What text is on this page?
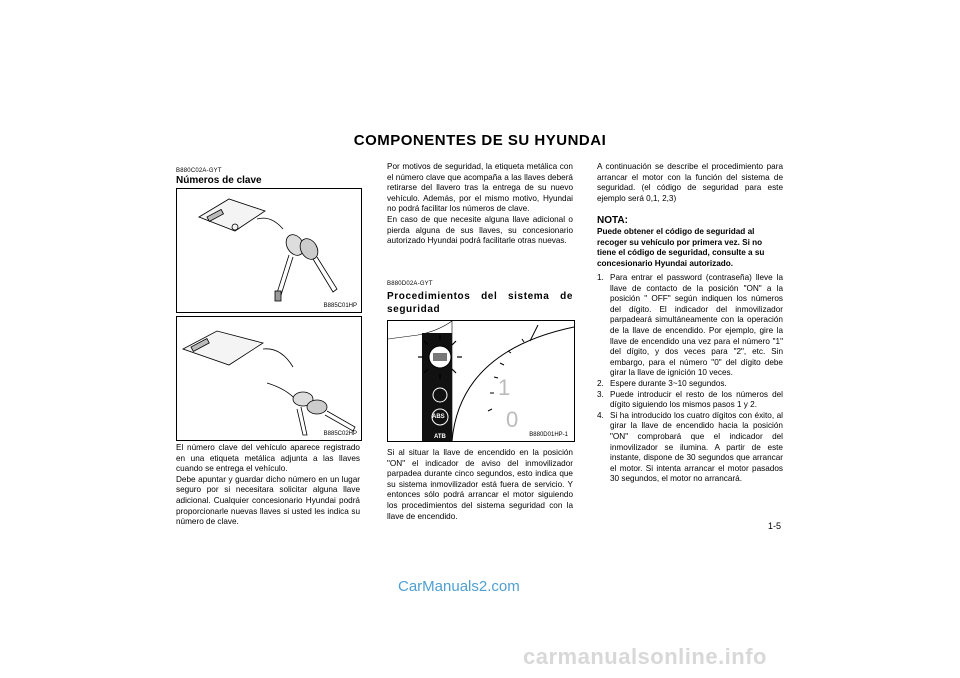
COMPONENTES DE SU HYUNDAI
B880C02A-GYT
Números de clave
B885C01HP
B885C02HP
El número clave del vehículo aparece registrado en una etiqueta metálica adjunta a las llaves cuando se entrega el vehículo.
Debe apuntar y guardar dicho número en un lugar seguro por si necesitara solicitar alguna llave adicional. Cualquier concesionario Hyundai podrá proporcionarle nuevas llaves si usted les indica su número de clave.
Por motivos de seguridad, la etiqueta metálica con el número clave que acompaña a las llaves deberá retirarse del llavero tras la entrega de su nuevo vehículo. Además, por el mismo motivo, Hyundai no podrá facilitar los números de clave.
En caso de que necesite alguna llave adicional o pierda alguna de sus llaves, su concesionario autorizado Hyundai podrá facilitarle otras nuevas.
B880D02A-GYT
Procedimientos del sistema de seguridad
ABS
ATB
1
0
B880D01HP-1
Si al situar la llave de encendido en la posición "ON" el indicador de aviso del inmovilizador parpadea durante cinco segundos, esto indica que su sistema inmovilizador está fuera de servicio. Y entonces sólo podrá arrancar el motor siguiendo los procedimientos del sistema seguridad con la llave de encendido.
A continuación se describe el procedimiento para arrancar el motor con la función del sistema de seguridad. (el código de seguridad para este ejemplo será 0,1, 2,3)
NOTA:
Puede obtener el código de seguridad al recoger su vehículo por primera vez. Si no tiene el código de seguridad, consulte a su concesionario Hyundai autorizado.
1. Para entrar el password (contraseña) lleve la llave de contacto de la posición "ON" a la posición " OFF" según indiquen los números del dígito. El indicador del inmovilizador parpadeará simultáneamente con la operación de la llave de encendido. Por ejemplo, gire la llave de encendido una vez para el número "1" del dígito, y dos veces para "2", etc. Sin embargo, para el número "0" del dígito debe girar la llave de ignición 10 veces.
2. Espere durante 3~10 segundos.
3. Puede introducir el resto de los números del dígito siguiendo los mismos pasos 1 y 2.
4. Si ha introducido los cuatro dígitos con éxito, al girar la llave de encendido hacia la posición "ON" comprobará que el indicador del inmovilizador se ilumina. A partir de este instante, dispone de 30 segundos que arrancar el motor. Si intenta arrancar el motor pasados 30 segundos, el motor no arrancará.
1-5
CarManuals2.com
carmanualsonline.info
